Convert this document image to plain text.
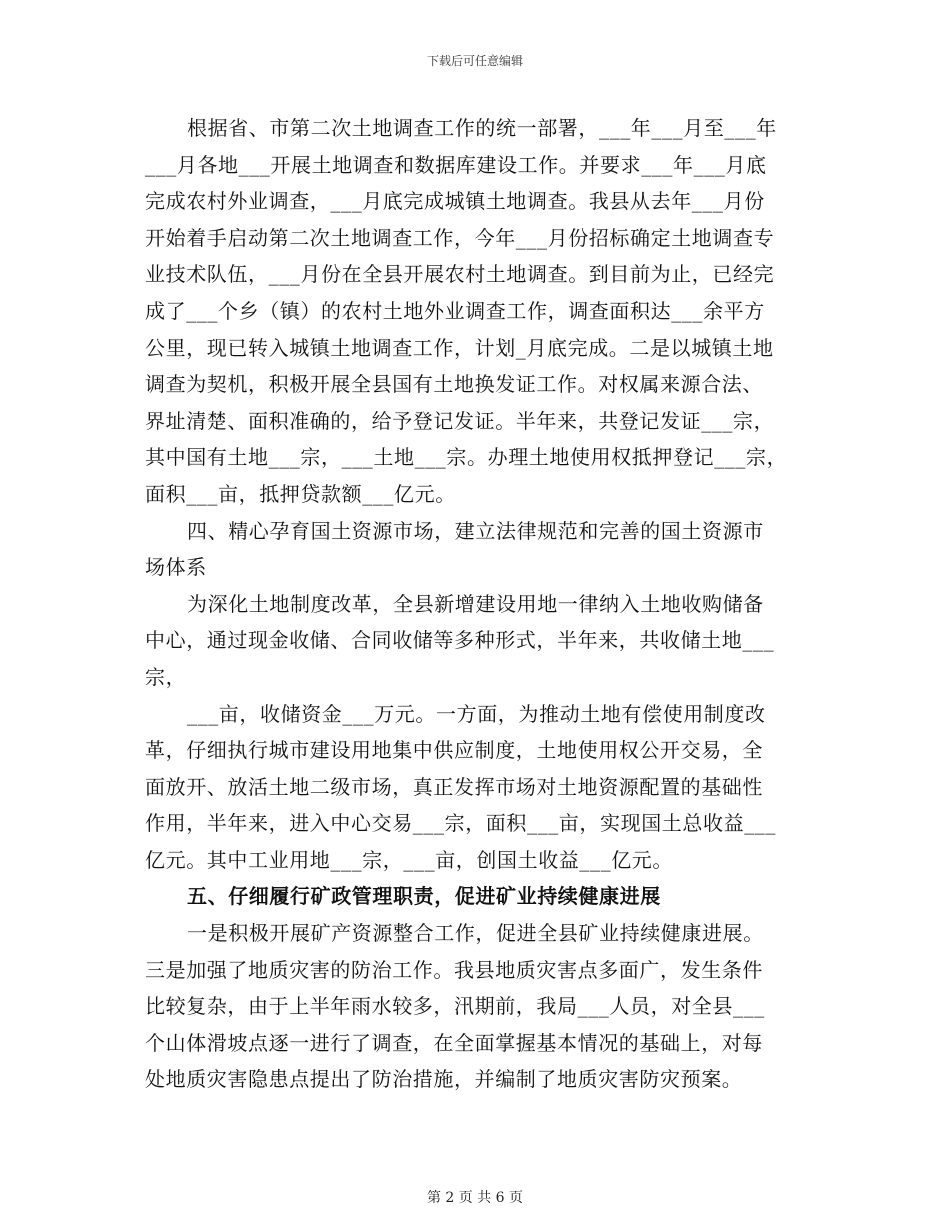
下载后可任意编辑
根据省、市第二次土地调查工作的统一部署，___年___月至___年
___月各地___开展土地调查和数据库建设工作。并要求___年___月底
完成农村外业调查，___月底完成城镇土地调查。我县从去年___月份
开始着手启动第二次土地调查工作，今年___月份招标确定土地调查专
业技术队伍，___月份在全县开展农村土地调查。到目前为止，已经完
成了___个乡（镇）的农村土地外业调查工作，调查面积达___余平方
公里，现已转入城镇土地调查工作，计划_月底完成。二是以城镇土地
调查为契机，积极开展全县国有土地换发证工作。对权属来源合法、
界址清楚、面积准确的，给予登记发证。半年来，共登记发证___宗，
其中国有土地___宗，___土地___宗。办理土地使用权抵押登记___宗，
面积___亩，抵押贷款额___亿元。
四、精心孕育国土资源市场，建立法律规范和完善的国土资源市
场体系
为深化土地制度改革，全县新增建设用地一律纳入土地收购储备
中心，通过现金收储、合同收储等多种形式，半年来，共收储土地___
宗，
___亩，收储资金___万元。一方面，为推动土地有偿使用制度改
革，仔细执行城市建设用地集中供应制度，土地使用权公开交易，全
面放开、放活土地二级市场，真正发挥市场对土地资源配置的基础性
作用，半年来，进入中心交易___宗，面积___亩，实现国土总收益___
亿元。其中工业用地___宗，___亩，创国土收益___亿元。
五、仔细履行矿政管理职责，促进矿业持续健康进展
一是积极开展矿产资源整合工作，促进全县矿业持续健康进展。
三是加强了地质灾害的防治工作。我县地质灾害点多面广，发生条件
比较复杂，由于上半年雨水较多，汛期前，我局___人员，对全县___
个山体滑坡点逐一进行了调查，在全面掌握基本情况的基础上，对每
处地质灾害隐患点提出了防治措施，并编制了地质灾害防灾预案。
第 2 页 共 6 页
